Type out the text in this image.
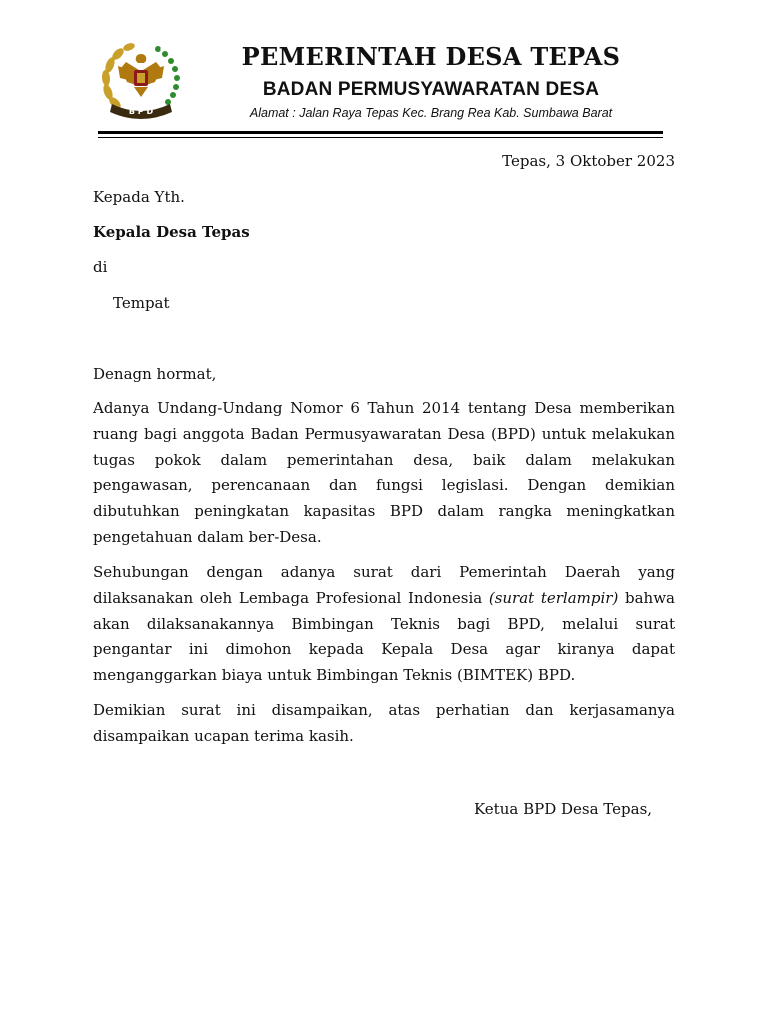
B P D
PEMERINTAH DESA TEPAS
BADAN PERMUSYAWARATAN DESA
Alamat : Jalan Raya Tepas Kec. Brang Rea Kab. Sumbawa Barat
Tepas, 3 Oktober 2023
Kepada Yth.
Kepala Desa Tepas
di
Tempat
Denagn hormat,
Adanya Undang-Undang Nomor 6 Tahun 2014 tentang Desa memberikan
ruang bagi anggota Badan Permusyawaratan Desa (BPD) untuk melakukan
tugas pokok dalam pemerintahan desa, baik dalam melakukan
pengawasan, perencanaan dan fungsi legislasi. Dengan demikian
dibutuhkan peningkatan kapasitas BPD dalam rangka meningkatkan
pengetahuan dalam ber-Desa.
Sehubungan dengan adanya surat dari Pemerintah Daerah yang
dilaksanakan oleh Lembaga Profesional Indonesia (surat terlampir) bahwa
akan dilaksanakannya Bimbingan Teknis bagi BPD, melalui surat
pengantar ini dimohon kepada Kepala Desa agar kiranya dapat
menganggarkan biaya untuk Bimbingan Teknis (BIMTEK) BPD.
Demikian surat ini disampaikan, atas perhatian dan kerjasamanya
disampaikan ucapan terima kasih.
Ketua BPD Desa Tepas,
